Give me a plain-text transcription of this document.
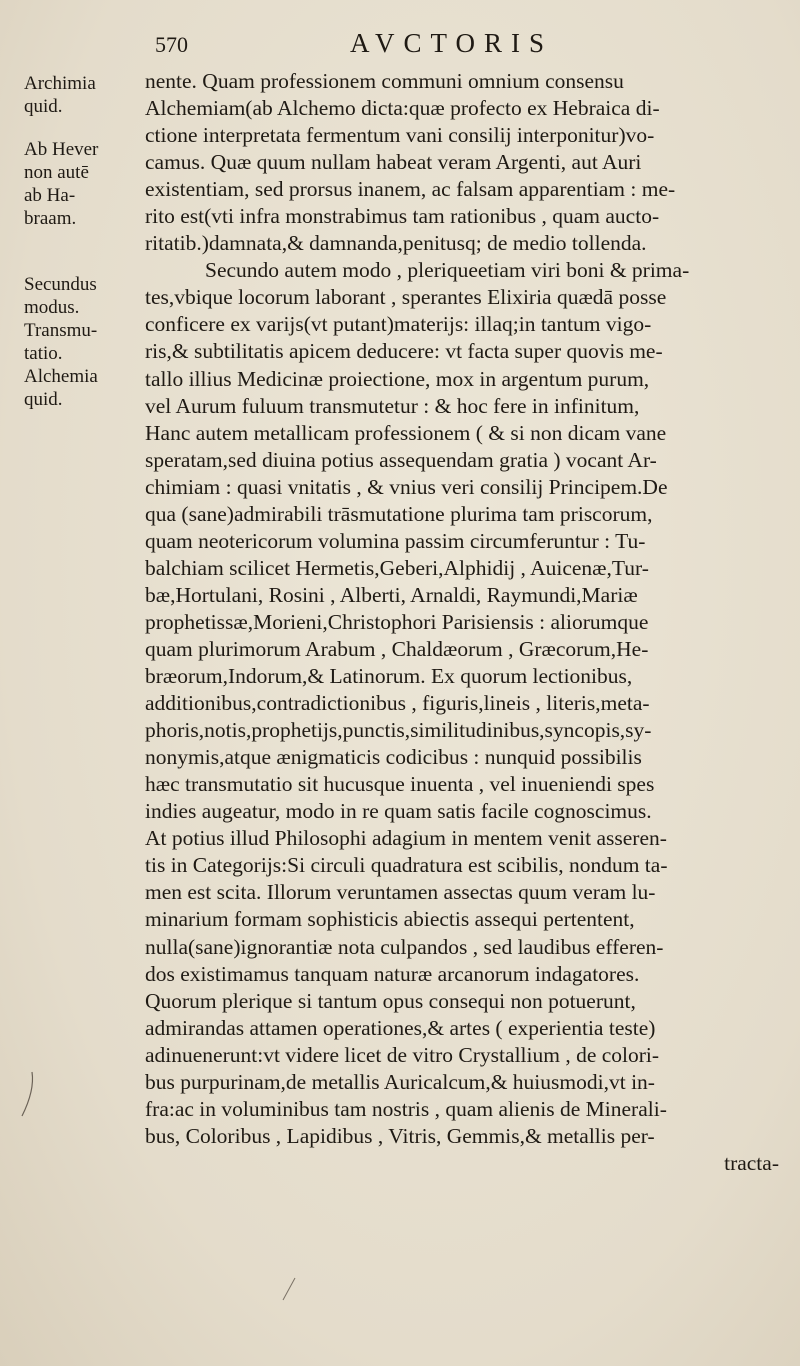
570	AVCTORIS
Archimia
quid.
Ab Hever
non autē
ab Ha-
braam.
Secundus
modus.
Transmu-
tatio.
Alchemia
quid.
nente. Quam professionem communi omnium consensu
Alchemiam(ab Alchemo dicta:quæ profecto ex Hebraica di-
ctione interpretata fermentum vani consilij interponitur)vo-
camus. Quæ quum nullam habeat veram Argenti, aut Auri
existentiam, sed prorsus inanem, ac falsam apparentiam : me-
rito est(vti infra monstrabimus tam rationibus , quam aucto-
ritatib.)damnata,& damnanda,penitusq; de medio tollenda.
Secundo autem modo , pleriqueetiam viri boni & prima-
tes,vbique locorum laborant , sperantes Elixiria quædā posse
conficere ex varijs(vt putant)materijs: illaq;in tantum vigo-
ris,& subtilitatis apicem deducere: vt facta super quovis me-
tallo illius Medicinæ proiectione, mox in argentum purum,
vel Aurum fuluum transmutetur : & hoc fere in infinitum,
Hanc autem metallicam professionem ( & si non dicam vane
speratam,sed diuina potius assequendam gratia ) vocant Ar-
chimiam : quasi vnitatis , & vnius veri consilij Principem.De
qua (sane)admirabili trāsmutatione plurima tam priscorum,
quam neotericorum volumina passim circumferuntur : Tu-
balchiam scilicet Hermetis,Geberi,Alphidij , Auicenæ,Tur-
bæ,Hortulani, Rosini , Alberti, Arnaldi, Raymundi,Mariæ
prophetissæ,Morieni,Christophori Parisiensis : aliorumque
quam plurimorum Arabum , Chaldæorum , Græcorum,He-
bræorum,Indorum,& Latinorum. Ex quorum lectionibus,
additionibus,contradictionibus , figuris,lineis , literis,meta-
phoris,notis,prophetijs,punctis,similitudinibus,syncopis,sy-
nonymis,atque ænigmaticis codicibus : nunquid possibilis
hæc transmutatio sit hucusque inuenta , vel inueniendi spes
indies augeatur, modo in re quam satis facile cognoscimus.
At potius illud Philosophi adagium in mentem venit asseren-
tis in Categorijs:Si circuli quadratura est scibilis, nondum ta-
men est scita. Illorum veruntamen assectas quum veram lu-
minarium formam sophisticis abiectis assequi pertentent,
nulla(sane)ignorantiæ nota culpandos , sed laudibus efferen-
dos existimamus tanquam naturæ arcanorum indagatores.
Quorum plerique si tantum opus consequi non potuerunt,
admirandas attamen operationes,& artes ( experientia teste)
adinuenerunt:vt videre licet de vitro Crystallium , de colori-
bus purpurinam,de metallis Auricalcum,& huiusmodi,vt in-
fra:ac in voluminibus tam nostris , quam alienis de Minerali-
bus, Coloribus , Lapidibus , Vitris, Gemmis,& metallis per-
tracta-
